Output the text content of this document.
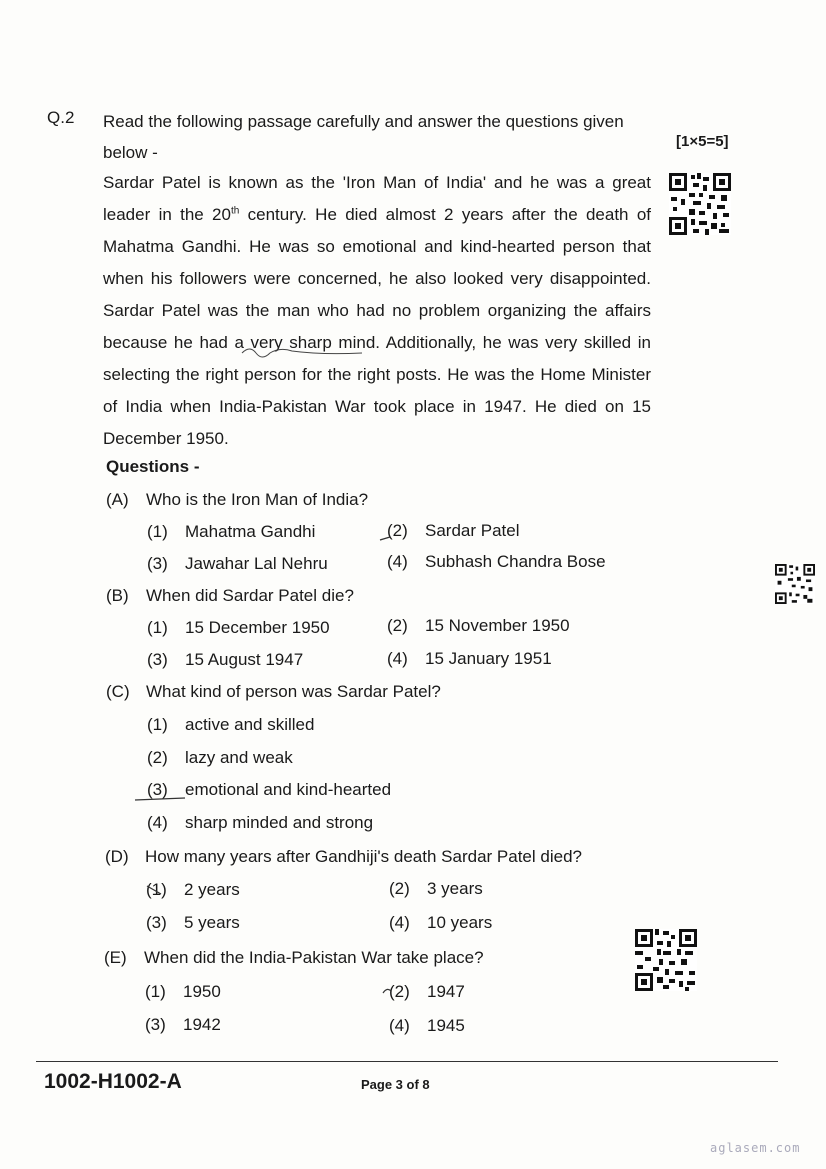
Q.2 Read the following passage carefully and answer the questions given below -
[1×5=5]
Sardar Patel is known as the 'Iron Man of India' and he was a great leader in the 20th century. He died almost 2 years after the death of Mahatma Gandhi. He was so emotional and kind-hearted person that when his followers were concerned, he also looked very disappointed. Sardar Patel was the man who had no problem organizing the affairs because he had a very sharp mind. Additionally, he was very skilled in selecting the right person for the right posts. He was the Home Minister of India when India-Pakistan War took place in 1947. He died on 15 December 1950.
Questions -
(A) Who is the Iron Man of India?
(1) Mahatma Gandhi	(2) Sardar Patel
(3) Jawahar Lal Nehru	(4) Subhash Chandra Bose
(B) When did Sardar Patel die?
(1) 15 December 1950	(2) 15 November 1950
(3) 15 August 1947	(4) 15 January 1951
(C) What kind of person was Sardar Patel?
(1) active and skilled
(2) lazy and weak
(3) emotional and kind-hearted
(4) sharp minded and strong
(D) How many years after Gandhiji's death Sardar Patel died?
(1) 2 years	(2) 3 years
(3) 5 years	(4) 10 years
(E) When did the India-Pakistan War take place?
(1) 1950	(2) 1947
(3) 1942	(4) 1945
1002-H1002-A	Page 3 of 8
aglasem.com
